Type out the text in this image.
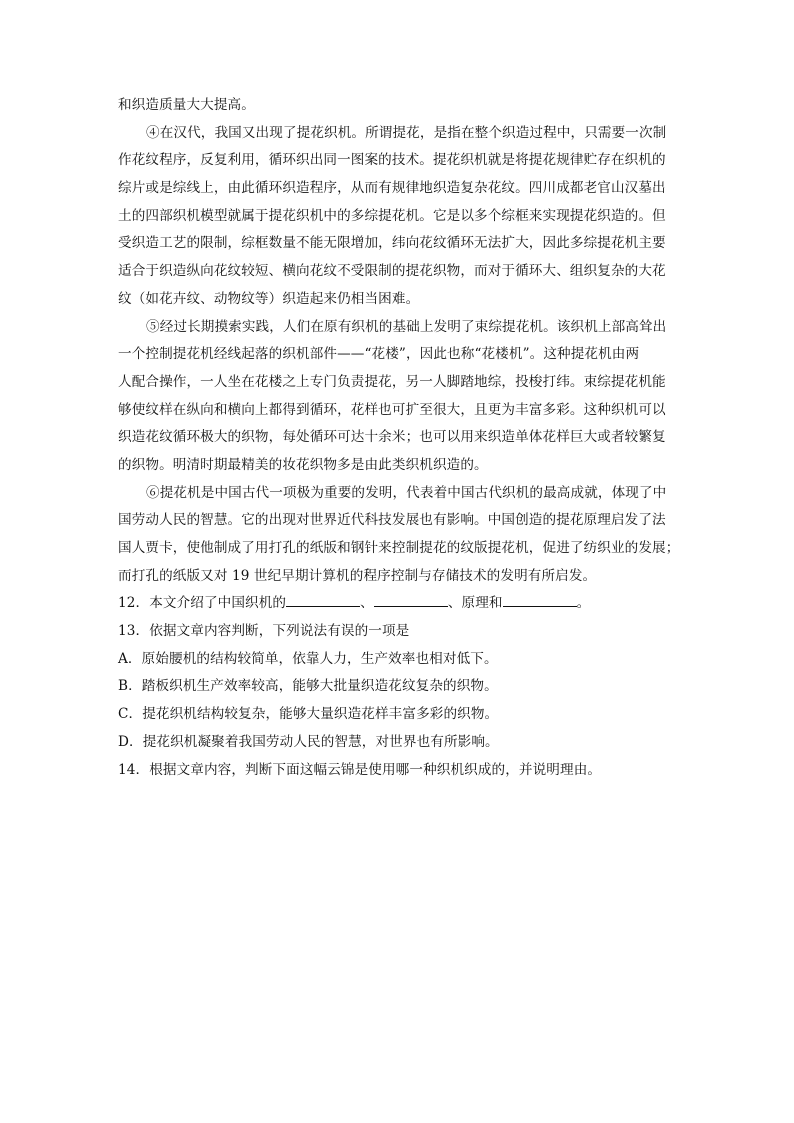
和织造质量大大提高。
④在汉代，我国又出现了提花织机。所谓提花，是指在整个织造过程中，只需要一次制
作花纹程序，反复利用，循环织出同一图案的技术。提花织机就是将提花规律贮存在织机的
综片或是综线上，由此循环织造程序，从而有规律地织造复杂花纹。四川成都老官山汉墓出
土的四部织机模型就属于提花织机中的多综提花机。它是以多个综框来实现提花织造的。但
受织造工艺的限制，综框数量不能无限增加，纬向花纹循环无法扩大，因此多综提花机主要
适合于织造纵向花纹较短、横向花纹不受限制的提花织物，而对于循环大、组织复杂的大花
纹（如花卉纹、动物纹等）织造起来仍相当困难。
⑤经过长期摸索实践，人们在原有织机的基础上发明了束综提花机。该织机上部高耸出
一个控制提花机经线起落的织机部件——“花楼”，因此也称“花楼机”。这种提花机由两
人配合操作，一人坐在花楼之上专门负责提花，另一人脚踏地综，投梭打纬。束综提花机能
够使纹样在纵向和横向上都得到循环，花样也可扩至很大，且更为丰富多彩。这种织机可以
织造花纹循环极大的织物，每处循环可达十余米；也可以用来织造单体花样巨大或者较繁复
的织物。明清时期最精美的妆花织物多是由此类织机织造的。
⑥提花机是中国古代一项极为重要的发明，代表着中国古代织机的最高成就，体现了中
国劳动人民的智慧。它的出现对世界近代科技发展也有影响。中国创造的提花原理启发了法
国人贾卡，使他制成了用打孔的纸版和钢针来控制提花的纹版提花机，促进了纺织业的发展；
而打孔的纸版又对 19 世纪早期计算机的程序控制与存储技术的发明有所启发。
12．本文介绍了中国织机的	、	、原理和	。
13．依据文章内容判断，下列说法有误的一项是
A．原始腰机的结构较简单，依靠人力，生产效率也相对低下。
B．踏板织机生产效率较高，能够大批量织造花纹复杂的织物。
C．提花织机结构较复杂，能够大量织造花样丰富多彩的织物。
D．提花织机凝聚着我国劳动人民的智慧，对世界也有所影响。
14．根据文章内容，判断下面这幅云锦是使用哪一种织机织成的，并说明理由。
